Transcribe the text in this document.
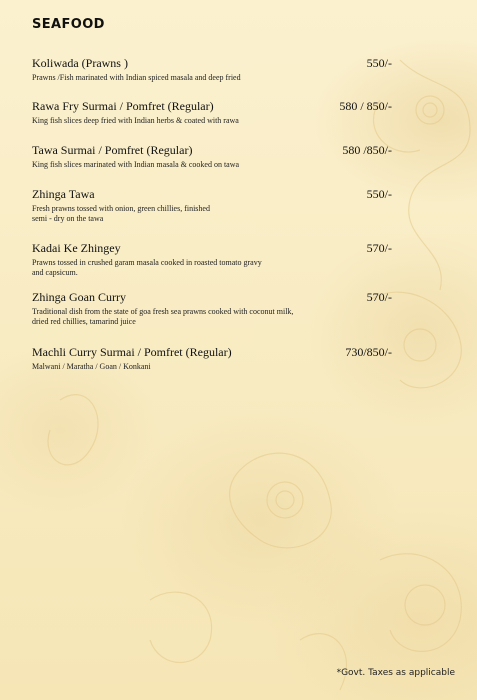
SEAFOOD
Koliwada (Prawns )	550/-
Prawns /Fish marinated with Indian spiced masala and deep fried
Rawa Fry Surmai / Pomfret (Regular)	580 / 850/-
King fish slices deep fried with Indian herbs & coated with rawa
Tawa Surmai / Pomfret (Regular)	580 /850/-
King fish slices marinated with Indian masala & cooked on tawa
Zhinga Tawa	550/-
Fresh prawns tossed with onion, green chillies, finished semi - dry on the tawa
Kadai Ke Zhingey	570/-
Prawns tossed in crushed garam masala cooked in roasted tomato gravy and capsicum.
Zhinga Goan Curry	570/-
Traditional dish from the state of goa fresh sea prawns cooked with coconut milk, dried red chillies, tamarind juice
Machli Curry Surmai / Pomfret (Regular)	730/850/-
Malwani / Maratha / Goan / Konkani
*Govt. Taxes as applicable
